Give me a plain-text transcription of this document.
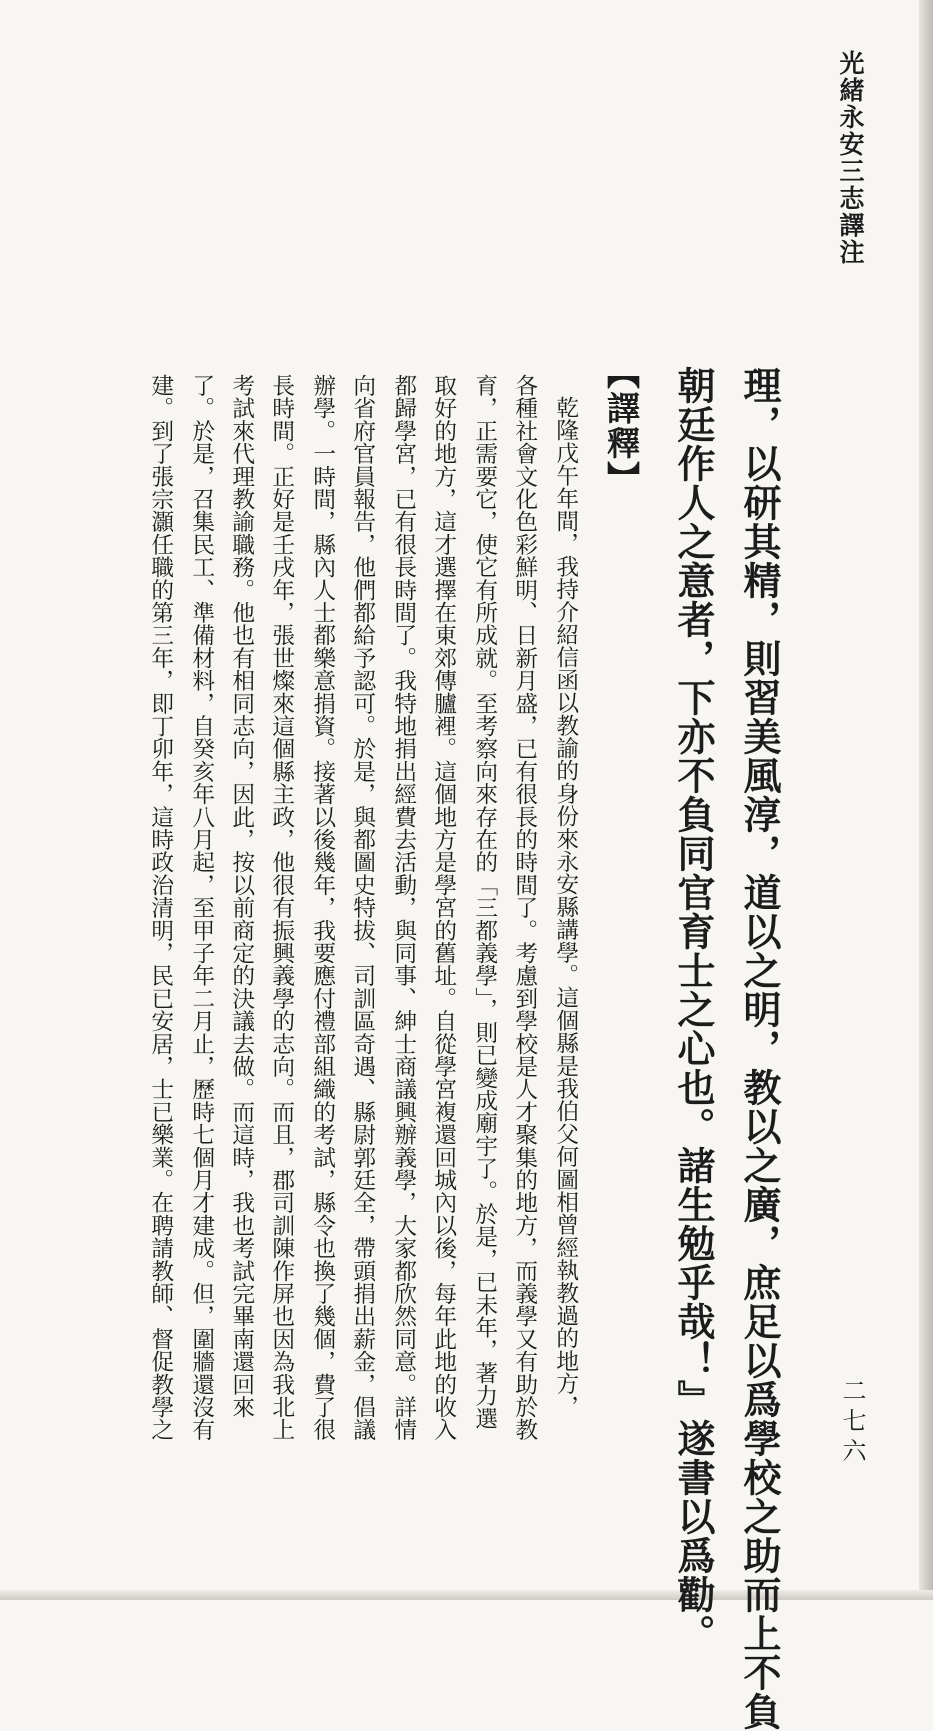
光緒永安三志譯注
二七六
理，以研其精，則習美風淳，道以之明，教以之廣，庶足以爲學校之助而上不負
朝廷作人之意者，下亦不負同官育士之心也。諸生勉乎哉！』遂書以爲勸。
【譯釋】
乾隆戊午年間，我持介紹信函以教諭的身份來永安縣講學。這個縣是我伯父何圖相曾經執教過的地方，
各種社會文化色彩鮮明、日新月盛，已有很長的時間了。考慮到學校是人才聚集的地方，而義學又有助於教
育，正需要它，使它有所成就。至考察向來存在的「三都義學」，則已變成廟宇了。於是，已未年，著力選
取好的地方，這才選擇在東郊傳臚裡。這個地方是學宮的舊址。自從學宮複還回城內以後，每年此地的收入
都歸學宮，已有很長時間了。我特地捐出經費去活動，與同事、紳士商議興辦義學，大家都欣然同意。詳情
向省府官員報告，他們都給予認可。於是，與都圖史特拔、司訓區奇遇、縣尉郭廷全，帶頭捐出薪金，倡議
辦學。一時間，縣內人士都樂意捐資。接著以後幾年，我要應付禮部組織的考試，縣令也換了幾個，費了很
長時間。正好是壬戌年，張世燦來這個縣主政，他很有振興義學的志向。而且，郡司訓陳作屏也因為我北上
考試來代理教諭職務。他也有相同志向，因此，按以前商定的決議去做。而這時，我也考試完畢南還回來
了。於是，召集民工、準備材料，自癸亥年八月起，至甲子年二月止，歷時七個月才建成。但，圍牆還沒有
建。到了張宗灝任職的第三年，即丁卯年，這時政治清明，民已安居，士已樂業。在聘請教師、督促教學之
